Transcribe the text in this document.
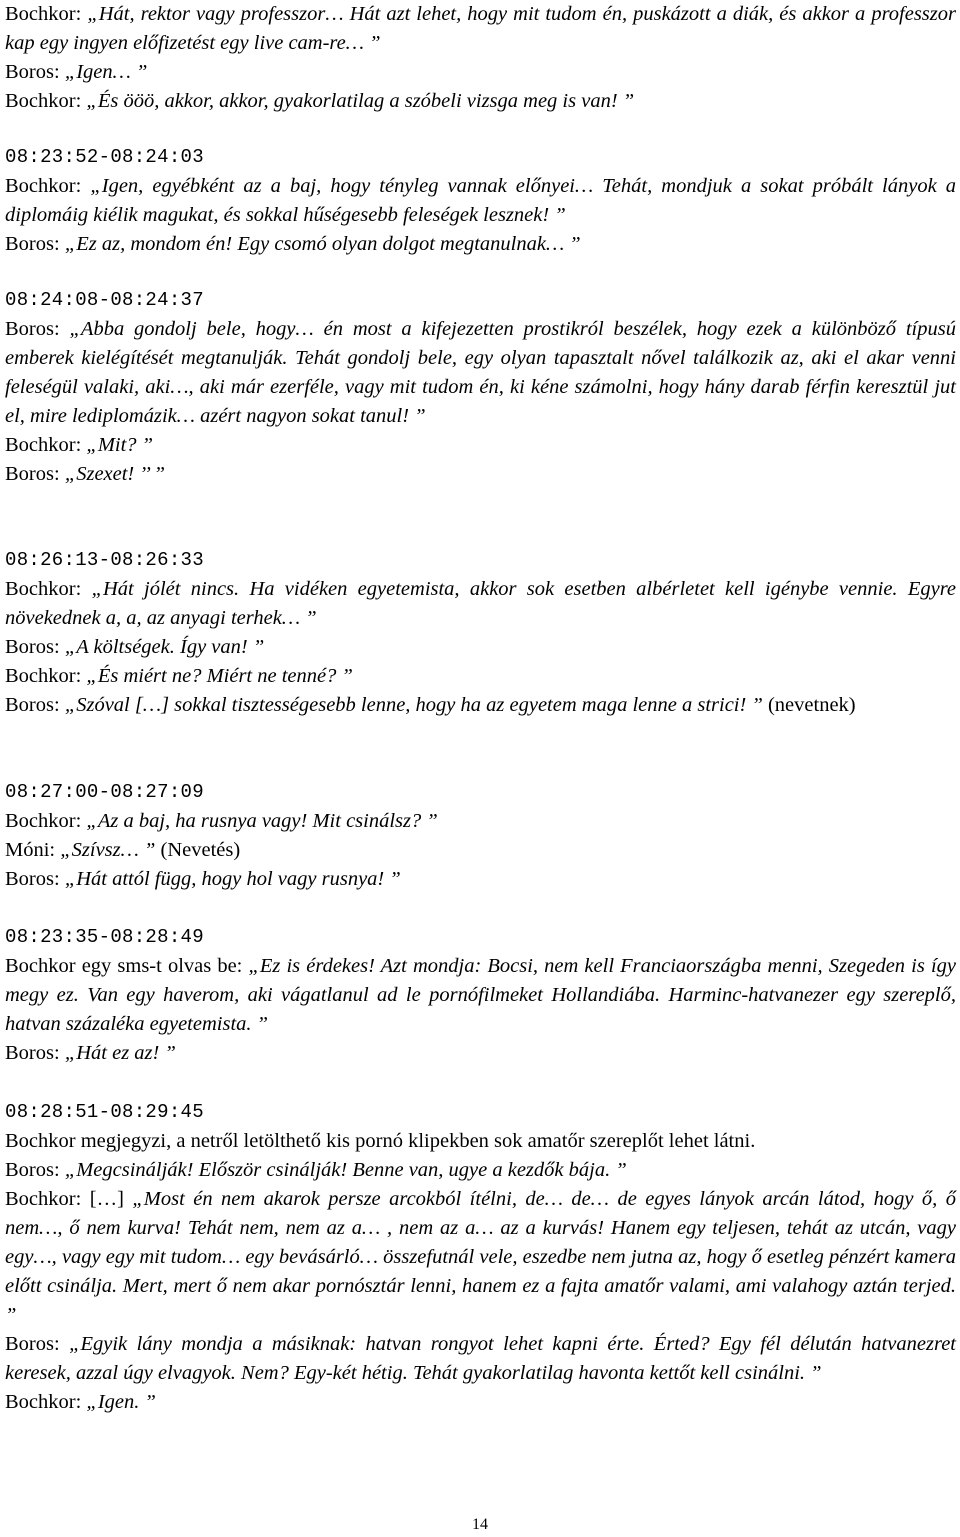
Bochkor: „Hát, rektor vagy professzor… Hát azt lehet, hogy mit tudom én, puskázott a diák, és akkor a professzor kap egy ingyen előfizetést egy live cam-re… ”

Boros: „Igen… ”

Bochkor: „És ööö, akkor, akkor, gyakorlatilag a szóbeli vizsga meg is van! ”

08:23:52-08:24:03

Bochkor: „Igen, egyébként az a baj, hogy tényleg vannak előnyei… Tehát, mondjuk a sokat próbált lányok a diplomáig kiélik magukat, és sokkal hűségesebb feleségek lesznek! ”

Boros: „Ez az, mondom én! Egy csomó olyan dolgot megtanulnak… ”

08:24:08-08:24:37

Boros: „Abba gondolj bele, hogy… én most a kifejezetten prostikról beszélek, hogy ezek a különböző típusú emberek kielégítését megtanulják. Tehát gondolj bele, egy olyan tapasztalt nővel találkozik az, aki el akar venni feleségül valaki, aki…, aki már ezerféle, vagy mit tudom én, ki kéne számolni, hogy hány darab férfin keresztül jut el, mire lediplomázik… azért nagyon sokat tanul! ”

Bochkor: „Mit? ”

Boros: „Szexet! ’’ ”

08:26:13-08:26:33

Bochkor: „Hát jólét nincs. Ha vidéken egyetemista, akkor sok esetben albérletet kell igénybe vennie. Egyre növekednek a, a, az anyagi terhek… ”

Boros: „A költségek. Így van! ”

Bochkor: „És miért ne? Miért ne tenné? ”

Boros: „Szóval […] sokkal tisztességesebb lenne, hogy ha az egyetem maga lenne a strici! ” (nevetnek)

08:27:00-08:27:09

Bochkor: „Az a baj, ha rusnya vagy! Mit csinálsz? ”

Móni: „Szívsz… ” (Nevetés)

Boros: „Hát attól függ, hogy hol vagy rusnya! ”

08:23:35-08:28:49

Bochkor egy sms-t olvas be: „Ez is érdekes! Azt mondja: Bocsi, nem kell Franciaországba menni, Szegeden is így megy ez. Van egy haverom, aki vágatlanul ad le pornófilmeket Hollandiába. Harminc-hatvanezer egy szereplő, hatvan százaléka egyetemista. ”

Boros: „Hát ez az! ”

08:28:51-08:29:45

Bochkor megjegyzi, a netről letölthető kis pornó klipekben sok amatőr szereplőt lehet látni.

Boros: „Megcsinálják! Először csinálják! Benne van, ugye a kezdők bája. ”

Bochkor: […] „Most én nem akarok persze arcokból ítélni, de… de… de egyes lányok arcán látod, hogy ő, ő nem…, ő nem kurva! Tehát nem, nem az a… , nem az a… az a kurvás! Hanem egy teljesen, tehát az utcán, vagy egy…, vagy egy mit tudom… egy bevásárló… összefutnál vele, eszedbe nem jutna az, hogy ő esetleg pénzért kamera előtt csinálja. Mert, mert ő nem akar pornósztár lenni, hanem ez a fajta amatőr valami, ami valahogy aztán terjed. ”

Boros: „Egyik lány mondja a másiknak: hatvan rongyot lehet kapni érte. Érted? Egy fél délután hatvanezret keresek, azzal úgy elvagyok. Nem? Egy-két hétig. Tehát gyakorlatilag havonta kettőt kell csinálni. ”

Bochkor: „Igen. ”

14
